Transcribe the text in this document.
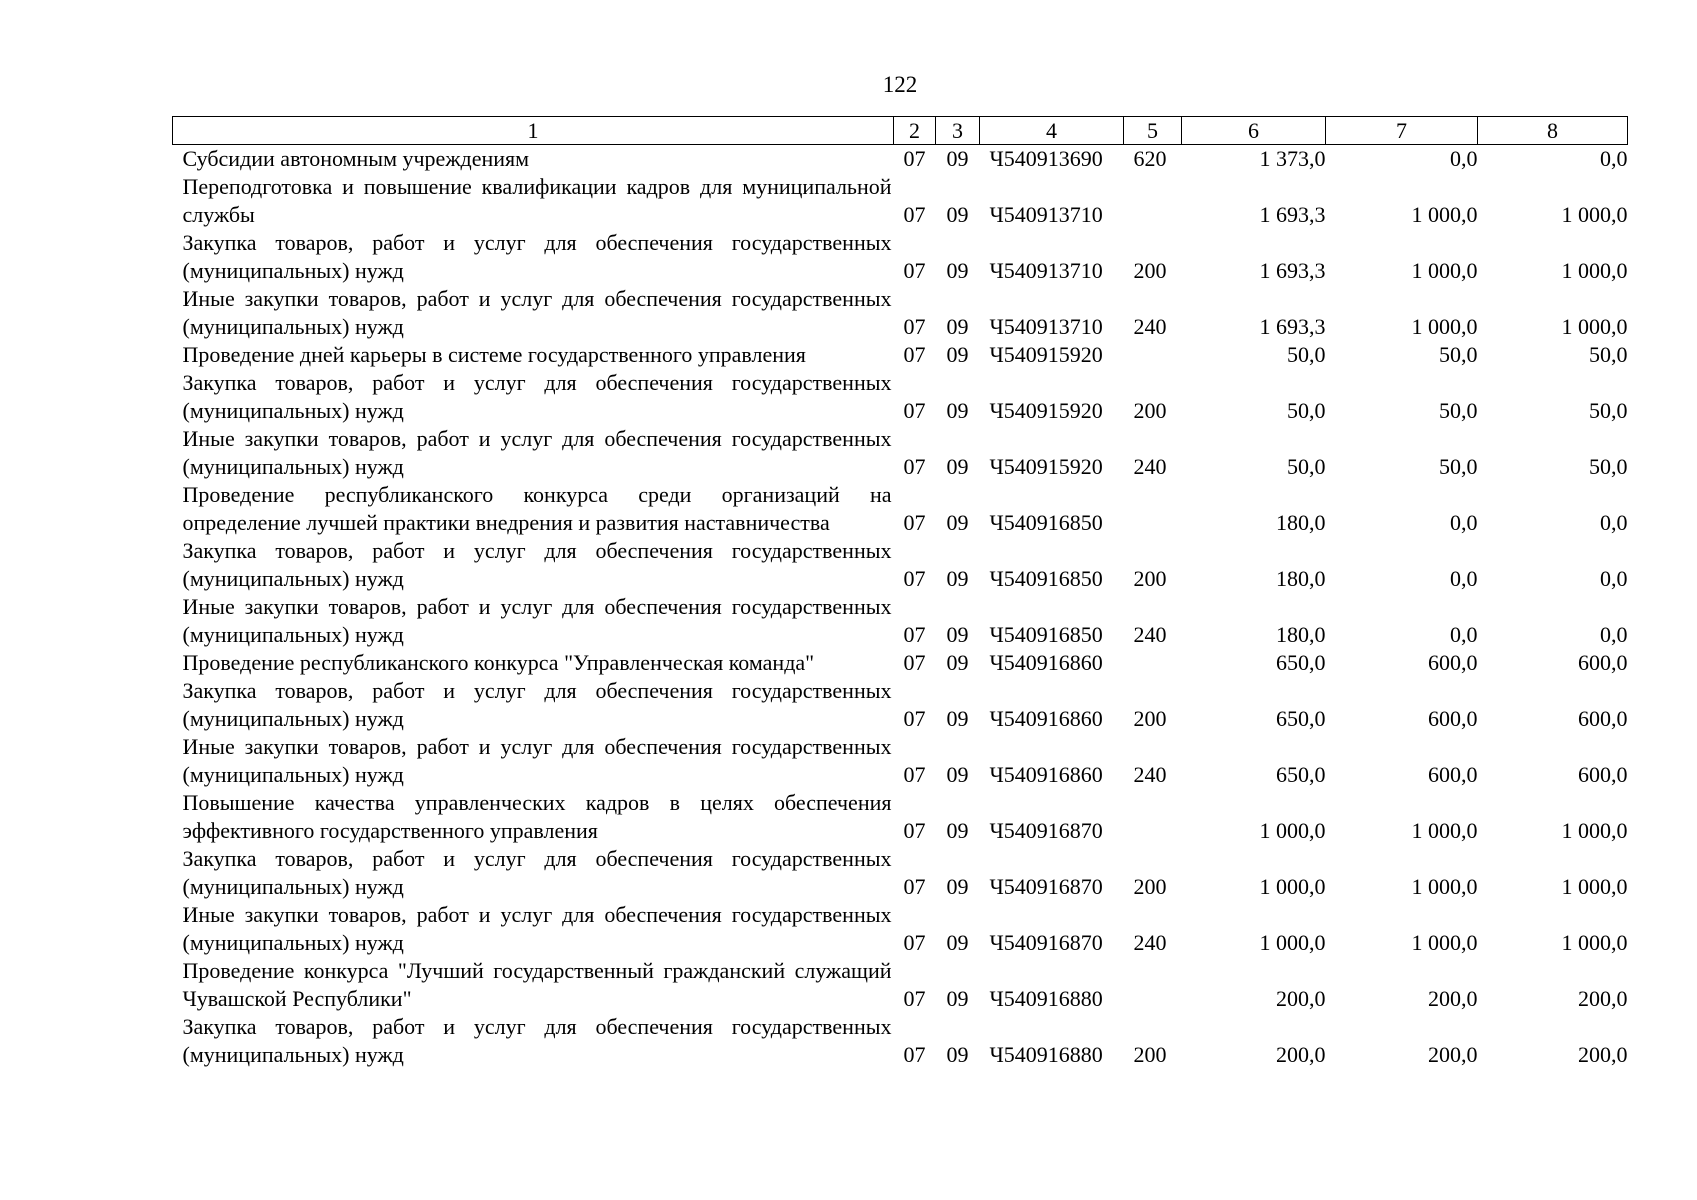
122
1	2	3	4	5	6	7	8
Субсидии автономным учреждениям	07	09	Ч540913690	620	1 373,0	0,0	0,0
Переподготовка и повышение квалификации кадров для муниципальной службы	07	09	Ч540913710		1 693,3	1 000,0	1 000,0
Закупка товаров, работ и услуг для обеспечения государственных (муниципальных) нужд	07	09	Ч540913710	200	1 693,3	1 000,0	1 000,0
Иные закупки товаров, работ и услуг для обеспечения государственных (муниципальных) нужд	07	09	Ч540913710	240	1 693,3	1 000,0	1 000,0
Проведение дней карьеры в системе государственного управления	07	09	Ч540915920		50,0	50,0	50,0
Закупка товаров, работ и услуг для обеспечения государственных (муниципальных) нужд	07	09	Ч540915920	200	50,0	50,0	50,0
Иные закупки товаров, работ и услуг для обеспечения государственных (муниципальных) нужд	07	09	Ч540915920	240	50,0	50,0	50,0
Проведение республиканского конкурса среди организаций на определение лучшей практики внедрения и развития наставничества	07	09	Ч540916850		180,0	0,0	0,0
Закупка товаров, работ и услуг для обеспечения государственных (муниципальных) нужд	07	09	Ч540916850	200	180,0	0,0	0,0
Иные закупки товаров, работ и услуг для обеспечения государственных (муниципальных) нужд	07	09	Ч540916850	240	180,0	0,0	0,0
Проведение республиканского конкурса "Управленческая команда"	07	09	Ч540916860		650,0	600,0	600,0
Закупка товаров, работ и услуг для обеспечения государственных (муниципальных) нужд	07	09	Ч540916860	200	650,0	600,0	600,0
Иные закупки товаров, работ и услуг для обеспечения государственных (муниципальных) нужд	07	09	Ч540916860	240	650,0	600,0	600,0
Повышение качества управленческих кадров в целях обеспечения эффективного государственного управления	07	09	Ч540916870		1 000,0	1 000,0	1 000,0
Закупка товаров, работ и услуг для обеспечения государственных (муниципальных) нужд	07	09	Ч540916870	200	1 000,0	1 000,0	1 000,0
Иные закупки товаров, работ и услуг для обеспечения государственных (муниципальных) нужд	07	09	Ч540916870	240	1 000,0	1 000,0	1 000,0
Проведение конкурса "Лучший государственный гражданский служащий Чувашской Республики"	07	09	Ч540916880		200,0	200,0	200,0
Закупка товаров, работ и услуг для обеспечения государственных (муниципальных) нужд	07	09	Ч540916880	200	200,0	200,0	200,0
